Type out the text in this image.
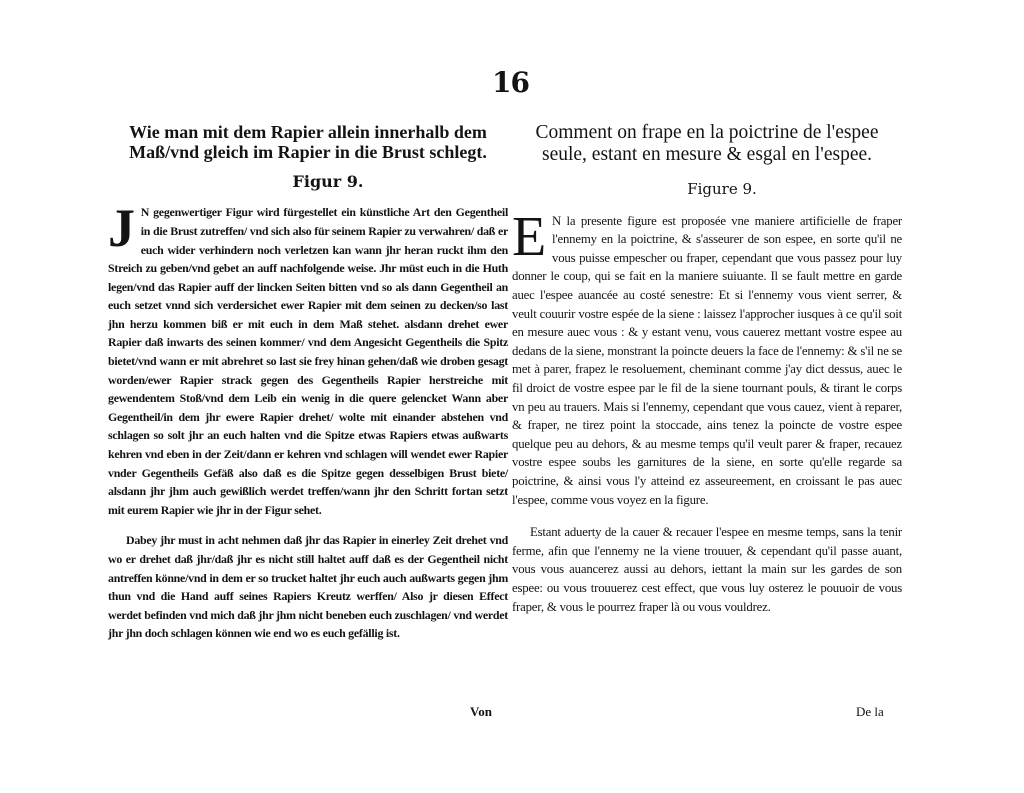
16
Wie man mit dem Rapier allein innerhalb dem Maß/vnd gleich im Rapier in die Brust schlegt.

Figur 9.

J N gegenwertiger Figur wird fürgestellet ein künstliche Art den Gegentheil in die Brust zutreffen/ vnd sich also für seinem Rapier zu verwahren/ daß er euch wider verhindern noch verletzen kan wann jhr heran ruckt ihm den Streich zu geben/vnd gebet an auff nachfolgende weise. Jhr müst euch in die Huth legen/vnd das Rapier auff der lincken Seiten bitten vnd so als dann Gegentheil an euch setzet vnnd sich verdersichet ewer Rapier mit dem seinen zu decken/so last jhn herzu kommen biß er mit euch in dem Maß stehet. alsdann drehet ewer Rapier daß inwarts des seinen kommer/ vnd dem Angesicht Gegentheils die Spitz bietet/vnd wann er mit abrehret so last sie frey hinan gehen/daß wie droben gesagt worden/ewer Rapier strack gegen des Gegentheils Rapier herstreiche mit gewendentem Stoß/vnd dem Leib ein wenig in die quere gelencket Wann aber Gegentheil/in dem jhr ewere Rapier drehet/ wolte mit einander abstehen vnd schlagen so solt jhr an euch halten vnd die Spitze etwas Rapiers etwas außwarts kehren vnd eben in der Zeit/dann er kehren vnd schlagen will wendet ewer Rapier vnder Gegentheils Gefäß also daß es die Spitze gegen desselbigen Brust biete/ alsdann jhr jhm auch gewißlich werdet treffen/wann jhr den Schritt fortan setzt mit eurem Rapier wie jhr in der Figur sehet.

Dabey jhr must in acht nehmen daß jhr das Rapier in einerley Zeit drehet vnd wo er drehet daß jhr/daß jhr es nicht still haltet auff daß es der Gegentheil nicht antreffen könne/vnd in dem er so trucket haltet jhr euch auch außwarts gegen jhm thun vnd die Hand auff seines Rapiers Kreutz werffen/ Also jr diesen Effect werdet befinden vnd mich daß jhr jhm nicht beneben euch zuschlagen/ vnd werdet jhr jhn doch schlagen können wie end wo es euch gefällig ist.

Comment on frape en la poictrine de l'espee seule, estant en mesure & esgal en l'espee.

Figure 9.

E N la presente figure est proposée vne maniere artificielle de fraper l'ennemy en la poictrine, & s'asseurer de son espee, en sorte qu'il ne vous puisse empescher ou fraper, cependant que vous passez pour luy donner le coup, qui se fait en la maniere suiuante. Il se fault mettre en garde auec l'espee auancée au costé senestre: Et si l'ennemy vous vient serrer, & veult couurir vostre espée de la siene : laissez l'approcher iusques à ce qu'il soit en mesure auec vous : & y estant venu, vous cauerez mettant vostre espee au dedans de la siene, monstrant la poincte deuers la face de l'ennemy: & s'il ne se met à parer, frapez le resoluement, cheminant comme j'ay dict dessus, auec le fil droict de vostre espee par le fil de la siene tournant pouls, & tirant le corps vn peu au trauers. Mais si l'ennemy, cependant que vous cauez, vient à reparer, & fraper, ne tirez point la stoccade, ains tenez la poincte de vostre espee quelque peu au dehors, & au mesme temps qu'il veult parer & fraper, recauez vostre espee soubs les garnitures de la siene, en sorte qu'elle regarde sa poictrine, & ainsi vous l'y atteind ez asseureement, en croissant le pas auec l'espee, comme vous voyez en la figure.

Estant aduerty de la cauer & recauer l'espee en mesme temps, sans la tenir ferme, afin que l'ennemy ne la viene trouuer, & cependant qu'il passe auant, vous vous auancerez aussi au dehors, iettant la main sur les gardes de son espee: ou vous trouuerez cest effect, que vous luy osterez le pouuoir de vous fraper, & vous le pourrez fraper là ou vous vouldrez.

Von	De la
